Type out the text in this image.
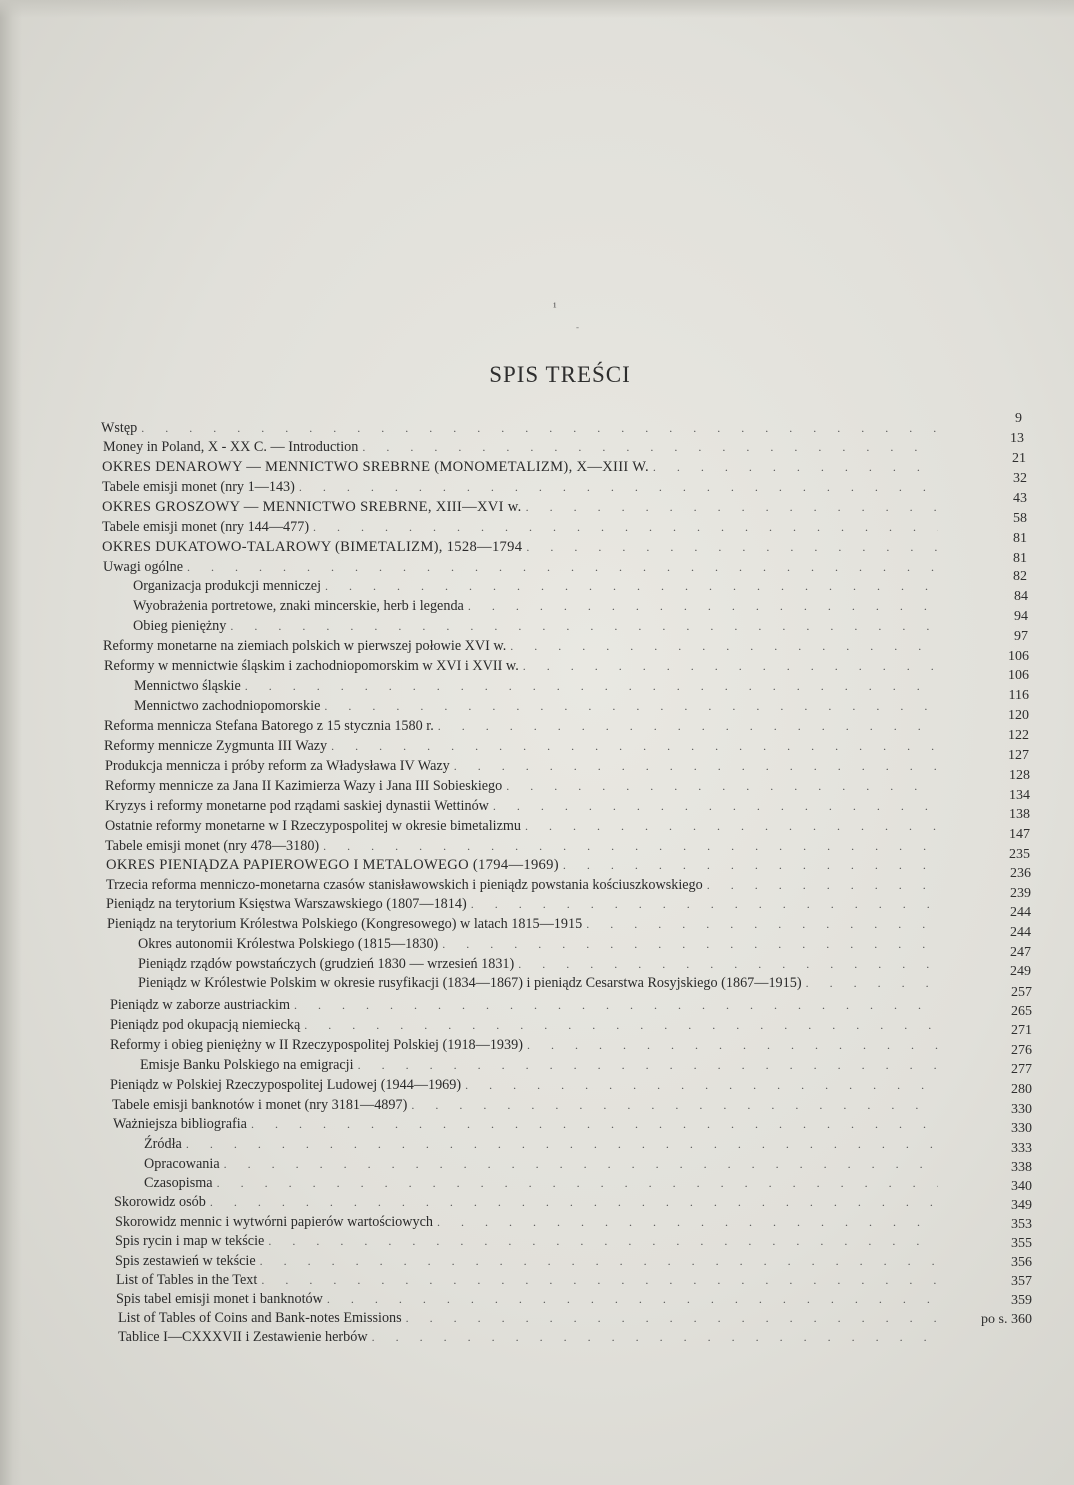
¹
-
SPIS TREŚCI
Wstęp
. . .
Money in Poland, X - XX C. — Introduction
. . .
OKRES DENAROWY — MENNICTWO SREBRNE (MONOMETALIZM), X—XIII W.
. . .
Tabele emisji monet (nry 1—143)
. . .
OKRES GROSZOWY — MENNICTWO SREBRNE, XIII—XVI w.
. . .
Tabele emisji monet (nry 144—477)
. . .
OKRES DUKATOWO-TALAROWY (BIMETALIZM), 1528—1794
. . .
Uwagi ogólne
. . .
Organizacja produkcji menniczej
. . .
Wyobrażenia portretowe, znaki mincerskie, herb i legenda
. . .
Obieg pieniężny
. . .
Reformy monetarne na ziemiach polskich w pierwszej połowie XVI w.
. . .
Reformy w mennictwie śląskim i zachodniopomorskim w XVI i XVII w.
. . .
Mennictwo śląskie
. . .
Mennictwo zachodniopomorskie
. . .
Reforma mennicza Stefana Batorego z 15 stycznia 1580 r.
. . .
Reformy mennicze Zygmunta III Wazy
. . .
Produkcja mennicza i próby reform za Władysława IV Wazy
. . .
Reformy mennicze za Jana II Kazimierza Wazy i Jana III Sobieskiego
. . .
Kryzys i reformy monetarne pod rządami saskiej dynastii Wettinów
. . .
Ostatnie reformy monetarne w I Rzeczypospolitej w okresie bimetalizmu
. . .
Tabele emisji monet (nry 478—3180)
. . .
OKRES PIENIĄDZA PAPIEROWEGO I METALOWEGO (1794—1969)
. . .
Trzecia reforma menniczo-monetarna czasów stanisławowskich i pieniądz powstania kościuszkowskiego
. . .
Pieniądz na terytorium Księstwa Warszawskiego (1807—1814)
. . .
Pieniądz na terytorium Królestwa Polskiego (Kongresowego) w latach 1815—1915
. . .
Okres autonomii Królestwa Polskiego (1815—1830)
. . .
Pieniądz rządów powstańczych (grudzień 1830 — wrzesień 1831)
. . .
Pieniądz w Królestwie Polskim w okresie rusyfikacji (1834—1867) i pieniądz Cesarstwa Rosyjskiego (1867—1915)
. . .
Pieniądz w zaborze austriackim
. . .
Pieniądz pod okupacją niemiecką
. . .
Reformy i obieg pieniężny w II Rzeczypospolitej Polskiej (1918—1939)
. . .
Emisje Banku Polskiego na emigracji
. . .
Pieniądz w Polskiej Rzeczypospolitej Ludowej (1944—1969)
. . .
Tabele emisji banknotów i monet (nry 3181—4897)
. . .
Ważniejsza bibliografia
. . .
Źródła
. . .
Opracowania
. . .
Czasopisma
. . .
Skorowidz osób
. . .
Skorowidz mennic i wytwórni papierów wartościowych
. . .
Spis rycin i map w tekście
. . .
Spis zestawień w tekście
. . .
List of Tables in the Text
. . .
Spis tabel emisji monet i banknotów
. . .
List of Tables of Coins and Bank-notes Emissions
. . .
Tablice I—CXXXVII i Zestawienie herbów
. . .
9
13
21
32
43
58
81
81
82
84
94
97
106
106
116
120
122
127
128
134
138
147
235
236
239
244
244
247
249
257
265
271
276
277
280
330
330
333
338
340
349
353
355
356
357
359
po s. 360
